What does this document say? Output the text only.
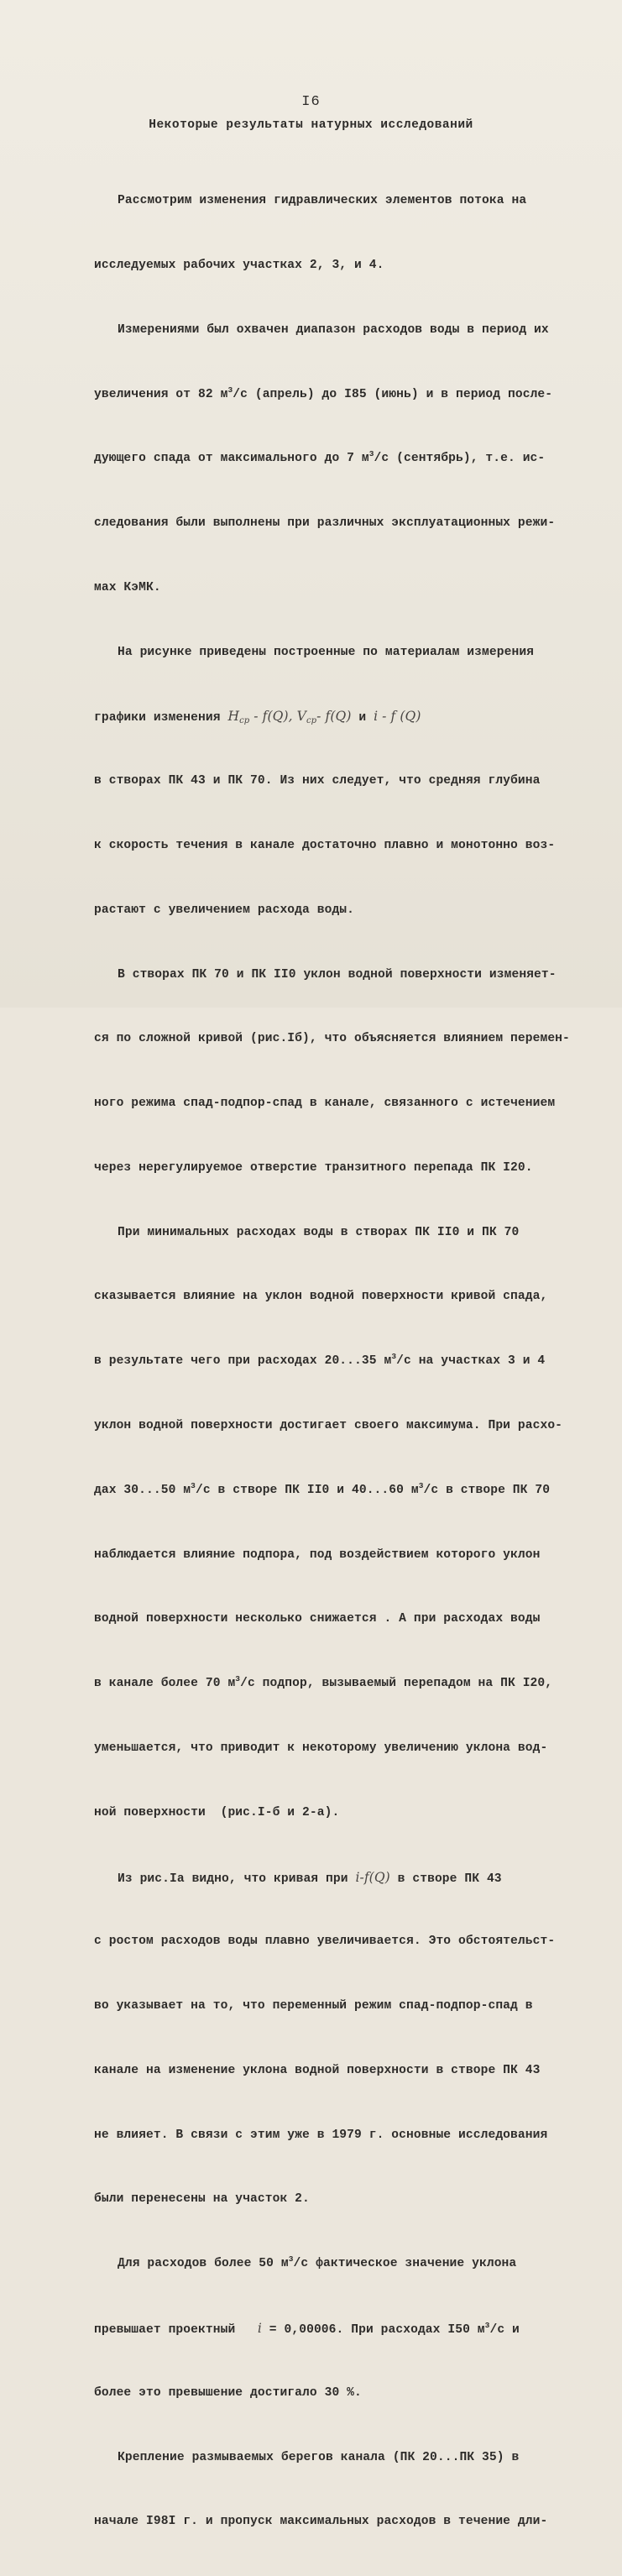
I6
Некоторые результаты натурных исследований

Рассмотрим изменения гидравлических элементов потока на

исследуемых рабочих участках 2, 3, и 4.

Измерениями был охвачен диапазон расходов воды в период их

увеличения от 82 $м^3/с$ (апрель) до I85 (июнь) и в период после-

дующего спада от максимального до 7 $м^3/с$ (сентябрь), т.е. ис-

следования были выполнены при различных эксплуатационных режи-

мах КэМК.

На рисунке приведены построенные по материалам измерения

графики изменения $H_{ср} - f(Q)$, $V_{ср}-$ f(Q) и i - f (Q)

в створах ПК 43 и ПК 70. Из них следует, что средняя глубина

к скорость течения в канале достаточно плавно и монотонно воз-

растают с увеличением расхода воды.

В створах ПК 70 и ПК II0 уклон водной поверхности изменяет-

ся по сложной кривой (рис.Iб), что объясняется влиянием перемен-

ного режима спад-подпор-спад в канале, связанного с истечением

через нерегулируемое отверстие транзитного перепада ПК I20.

При минимальных расходах воды в створах ПК II0 и ПК 70

сказывается влияние на уклон водной поверхности кривой спада,

в результате чего при расходах 20...35 $м^3/с$ на участках 3 и 4

уклон водной поверхности достигает своего максимума. При расхо-

дах 30...50 $м^3/с$ в створе ПК II0 и 40...60 $м^3/с$ в створе ПК 70

наблюдается влияние подпора, под воздействием которого уклон

водной поверхности несколько снижается . А при расходах воды

в канале более 70 $м^3/с$ подпор, вызываемый перепадом на ПК I20,

уменьшается, что приводит к некоторому увеличению уклона вод-

ной поверхности  (рис.I-б и 2-а).

Из рис.Iа видно, что кривая при i-f(Q) в створе ПК 43

с ростом расходов воды плавно увеличивается. Это обстоятельст-

во указывает на то, что переменный режим спад-подпор-спад в

канале на изменение уклона водной поверхности в створе ПК 43

не влияет. В связи с этим уже в 1979 г. основные исследования

были перенесены на участок 2.

Для расходов более 50 $м^3/с$ фактическое значение уклона

превышает проектный   i = 0,00006. При расходах I50 $м^3/с$ и

более это превышение достигало 30 %.

Крепление размываемых берегов канала (ПК 20...ПК 35) в

начале I98I г. и пропуск максимальных расходов в течение дли-
